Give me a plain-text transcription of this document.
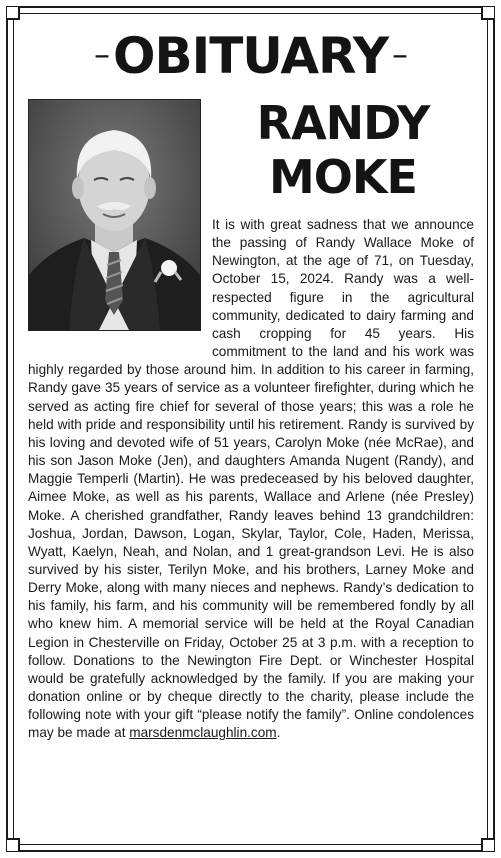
–OBITUARY –
RANDY
MOKE
It is with great sadness that we announce the passing of Randy Wallace Moke of Newington, at the age of 71, on Tuesday, October 15, 2024. Randy was a well-respected figure in the agricultural community, dedicated to dairy farming and cash cropping for 45 years. His commitment to the land and his work was highly regarded by those around him. In addition to his career in farming, Randy gave 35 years of service as a volunteer firefighter, during which he served as acting fire chief for several of those years; this was a role he held with pride and responsibility until his retirement. Randy is survived by his loving and devoted wife of 51 years, Carolyn Moke (née McRae), and his son Jason Moke (Jen), and daughters Amanda Nugent (Randy), and Maggie Temperli (Martin). He was predeceased by his beloved daughter, Aimee Moke, as well as his parents, Wallace and Arlene (née Presley) Moke. A cherished grandfather, Randy leaves behind 13 grandchildren: Joshua, Jordan, Dawson, Logan, Skylar, Taylor, Cole, Haden, Merissa, Wyatt, Kaelyn, Neah, and Nolan, and 1 great-grandson Levi. He is also survived by his sister, Terilyn Moke, and his brothers, Larney Moke and Derry Moke, along with many nieces and nephews. Randy’s dedication to his family, his farm, and his community will be remembered fondly by all who knew him. A memorial service will be held at the Royal Canadian Legion in Chesterville on Friday, October 25 at 3 p.m. with a reception to follow. Donations to the Newington Fire Dept. or Winchester Hospital would be gratefully acknowledged by the family. If you are making your donation online or by cheque directly to the charity, please include the following note with your gift “please notify the family”. Online condolences may be made at marsdenmclaughlin.com.
